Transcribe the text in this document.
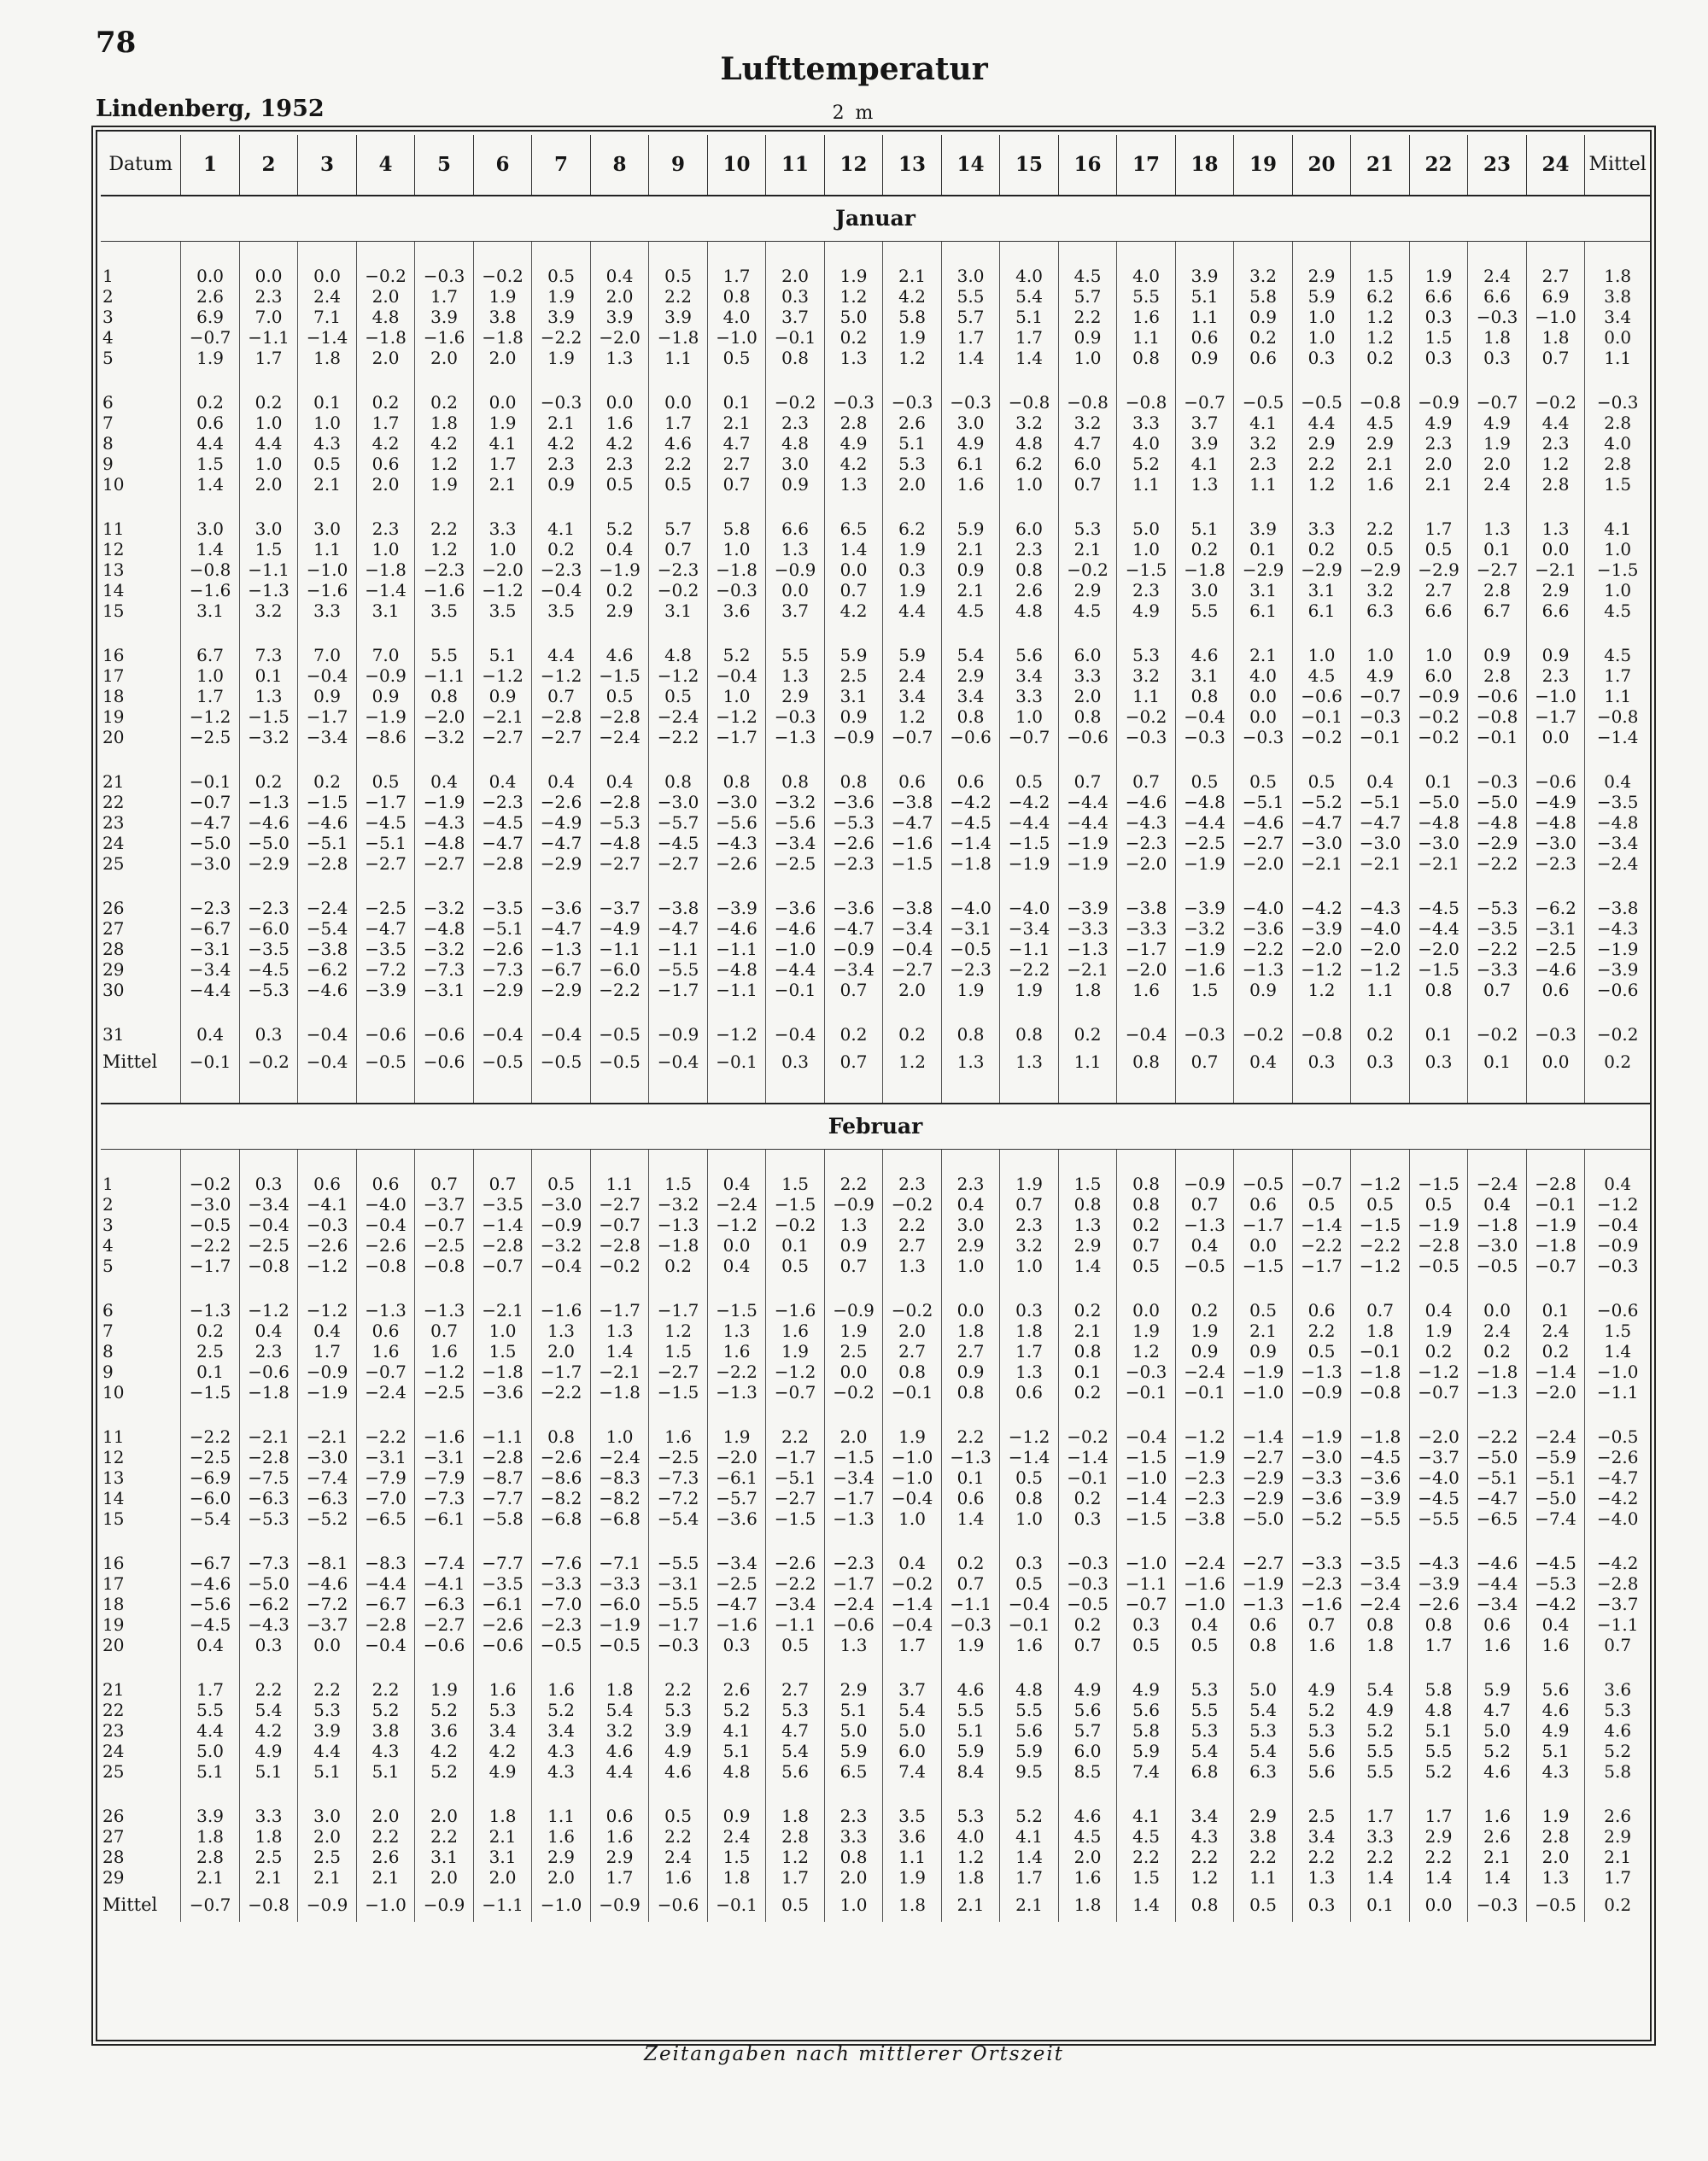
78
Lindenberg, 1952
Lufttemperatur
2 m
Datum	1	2	3	4	5	6	7	8	9	10	11	12	13	14	15	16	17	18	19	20	21	22	23	24	Mittel
Januar																									

1	0.0	0.0	0.0	−0.2	−0.3	−0.2	0.5	0.4	0.5	1.7	2.0	1.9	2.1	3.0	4.0	4.5	4.0	3.9	3.2	2.9	1.5	1.9	2.4	2.7	1.8
2	2.6	2.3	2.4	2.0	1.7	1.9	1.9	2.0	2.2	0.8	0.3	1.2	4.2	5.5	5.4	5.7	5.5	5.1	5.8	5.9	6.2	6.6	6.6	6.9	3.8
3	6.9	7.0	7.1	4.8	3.9	3.8	3.9	3.9	3.9	4.0	3.7	5.0	5.8	5.7	5.1	2.2	1.6	1.1	0.9	1.0	1.2	0.3	−0.3	−1.0	3.4
4	−0.7	−1.1	−1.4	−1.8	−1.6	−1.8	−2.2	−2.0	−1.8	−1.0	−0.1	0.2	1.9	1.7	1.7	0.9	1.1	0.6	0.2	1.0	1.2	1.5	1.8	1.8	0.0
5	1.9	1.7	1.8	2.0	2.0	2.0	1.9	1.3	1.1	0.5	0.8	1.3	1.2	1.4	1.4	1.0	0.8	0.9	0.6	0.3	0.2	0.3	0.3	0.7	1.1

6	0.2	0.2	0.1	0.2	0.2	0.0	−0.3	0.0	0.0	0.1	−0.2	−0.3	−0.3	−0.3	−0.8	−0.8	−0.8	−0.7	−0.5	−0.5	−0.8	−0.9	−0.7	−0.2	−0.3
7	0.6	1.0	1.0	1.7	1.8	1.9	2.1	1.6	1.7	2.1	2.3	2.8	2.6	3.0	3.2	3.2	3.3	3.7	4.1	4.4	4.5	4.9	4.9	4.4	2.8
8	4.4	4.4	4.3	4.2	4.2	4.1	4.2	4.2	4.6	4.7	4.8	4.9	5.1	4.9	4.8	4.7	4.0	3.9	3.2	2.9	2.9	2.3	1.9	2.3	4.0
9	1.5	1.0	0.5	0.6	1.2	1.7	2.3	2.3	2.2	2.7	3.0	4.2	5.3	6.1	6.2	6.0	5.2	4.1	2.3	2.2	2.1	2.0	2.0	1.2	2.8
10	1.4	2.0	2.1	2.0	1.9	2.1	0.9	0.5	0.5	0.7	0.9	1.3	2.0	1.6	1.0	0.7	1.1	1.3	1.1	1.2	1.6	2.1	2.4	2.8	1.5

11	3.0	3.0	3.0	2.3	2.2	3.3	4.1	5.2	5.7	5.8	6.6	6.5	6.2	5.9	6.0	5.3	5.0	5.1	3.9	3.3	2.2	1.7	1.3	1.3	4.1
12	1.4	1.5	1.1	1.0	1.2	1.0	0.2	0.4	0.7	1.0	1.3	1.4	1.9	2.1	2.3	2.1	1.0	0.2	0.1	0.2	0.5	0.5	0.1	0.0	1.0
13	−0.8	−1.1	−1.0	−1.8	−2.3	−2.0	−2.3	−1.9	−2.3	−1.8	−0.9	0.0	0.3	0.9	0.8	−0.2	−1.5	−1.8	−2.9	−2.9	−2.9	−2.9	−2.7	−2.1	−1.5
14	−1.6	−1.3	−1.6	−1.4	−1.6	−1.2	−0.4	0.2	−0.2	−0.3	0.0	0.7	1.9	2.1	2.6	2.9	2.3	3.0	3.1	3.1	3.2	2.7	2.8	2.9	1.0
15	3.1	3.2	3.3	3.1	3.5	3.5	3.5	2.9	3.1	3.6	3.7	4.2	4.4	4.5	4.8	4.5	4.9	5.5	6.1	6.1	6.3	6.6	6.7	6.6	4.5

16	6.7	7.3	7.0	7.0	5.5	5.1	4.4	4.6	4.8	5.2	5.5	5.9	5.9	5.4	5.6	6.0	5.3	4.6	2.1	1.0	1.0	1.0	0.9	0.9	4.5
17	1.0	0.1	−0.4	−0.9	−1.1	−1.2	−1.2	−1.5	−1.2	−0.4	1.3	2.5	2.4	2.9	3.4	3.3	3.2	3.1	4.0	4.5	4.9	6.0	2.8	2.3	1.7
18	1.7	1.3	0.9	0.9	0.8	0.9	0.7	0.5	0.5	1.0	2.9	3.1	3.4	3.4	3.3	2.0	1.1	0.8	0.0	−0.6	−0.7	−0.9	−0.6	−1.0	1.1
19	−1.2	−1.5	−1.7	−1.9	−2.0	−2.1	−2.8	−2.8	−2.4	−1.2	−0.3	0.9	1.2	0.8	1.0	0.8	−0.2	−0.4	0.0	−0.1	−0.3	−0.2	−0.8	−1.7	−0.8
20	−2.5	−3.2	−3.4	−8.6	−3.2	−2.7	−2.7	−2.4	−2.2	−1.7	−1.3	−0.9	−0.7	−0.6	−0.7	−0.6	−0.3	−0.3	−0.3	−0.2	−0.1	−0.2	−0.1	0.0	−1.4

21	−0.1	0.2	0.2	0.5	0.4	0.4	0.4	0.4	0.8	0.8	0.8	0.8	0.6	0.6	0.5	0.7	0.7	0.5	0.5	0.5	0.4	0.1	−0.3	−0.6	0.4
22	−0.7	−1.3	−1.5	−1.7	−1.9	−2.3	−2.6	−2.8	−3.0	−3.0	−3.2	−3.6	−3.8	−4.2	−4.2	−4.4	−4.6	−4.8	−5.1	−5.2	−5.1	−5.0	−5.0	−4.9	−3.5
23	−4.7	−4.6	−4.6	−4.5	−4.3	−4.5	−4.9	−5.3	−5.7	−5.6	−5.6	−5.3	−4.7	−4.5	−4.4	−4.4	−4.3	−4.4	−4.6	−4.7	−4.7	−4.8	−4.8	−4.8	−4.8
24	−5.0	−5.0	−5.1	−5.1	−4.8	−4.7	−4.7	−4.8	−4.5	−4.3	−3.4	−2.6	−1.6	−1.4	−1.5	−1.9	−2.3	−2.5	−2.7	−3.0	−3.0	−3.0	−2.9	−3.0	−3.4
25	−3.0	−2.9	−2.8	−2.7	−2.7	−2.8	−2.9	−2.7	−2.7	−2.6	−2.5	−2.3	−1.5	−1.8	−1.9	−1.9	−2.0	−1.9	−2.0	−2.1	−2.1	−2.1	−2.2	−2.3	−2.4

26	−2.3	−2.3	−2.4	−2.5	−3.2	−3.5	−3.6	−3.7	−3.8	−3.9	−3.6	−3.6	−3.8	−4.0	−4.0	−3.9	−3.8	−3.9	−4.0	−4.2	−4.3	−4.5	−5.3	−6.2	−3.8
27	−6.7	−6.0	−5.4	−4.7	−4.8	−5.1	−4.7	−4.9	−4.7	−4.6	−4.6	−4.7	−3.4	−3.1	−3.4	−3.3	−3.3	−3.2	−3.6	−3.9	−4.0	−4.4	−3.5	−3.1	−4.3
28	−3.1	−3.5	−3.8	−3.5	−3.2	−2.6	−1.3	−1.1	−1.1	−1.1	−1.0	−0.9	−0.4	−0.5	−1.1	−1.3	−1.7	−1.9	−2.2	−2.0	−2.0	−2.0	−2.2	−2.5	−1.9
29	−3.4	−4.5	−6.2	−7.2	−7.3	−7.3	−6.7	−6.0	−5.5	−4.8	−4.4	−3.4	−2.7	−2.3	−2.2	−2.1	−2.0	−1.6	−1.3	−1.2	−1.2	−1.5	−3.3	−4.6	−3.9
30	−4.4	−5.3	−4.6	−3.9	−3.1	−2.9	−2.9	−2.2	−1.7	−1.1	−0.1	0.7	2.0	1.9	1.9	1.8	1.6	1.5	0.9	1.2	1.1	0.8	0.7	0.6	−0.6

31	0.4	0.3	−0.4	−0.6	−0.6	−0.4	−0.4	−0.5	−0.9	−1.2	−0.4	0.2	0.2	0.8	0.8	0.2	−0.4	−0.3	−0.2	−0.8	0.2	0.1	−0.2	−0.3	−0.2
Mittel	−0.1	−0.2	−0.4	−0.5	−0.6	−0.5	−0.5	−0.5	−0.4	−0.1	0.3	0.7	1.2	1.3	1.3	1.1	0.8	0.7	0.4	0.3	0.3	0.3	0.1	0.0	0.2

Februar																									

1	−0.2	0.3	0.6	0.6	0.7	0.7	0.5	1.1	1.5	0.4	1.5	2.2	2.3	2.3	1.9	1.5	0.8	−0.9	−0.5	−0.7	−1.2	−1.5	−2.4	−2.8	0.4
2	−3.0	−3.4	−4.1	−4.0	−3.7	−3.5	−3.0	−2.7	−3.2	−2.4	−1.5	−0.9	−0.2	0.4	0.7	0.8	0.8	0.7	0.6	0.5	0.5	0.5	0.4	−0.1	−1.2
3	−0.5	−0.4	−0.3	−0.4	−0.7	−1.4	−0.9	−0.7	−1.3	−1.2	−0.2	1.3	2.2	3.0	2.3	1.3	0.2	−1.3	−1.7	−1.4	−1.5	−1.9	−1.8	−1.9	−0.4
4	−2.2	−2.5	−2.6	−2.6	−2.5	−2.8	−3.2	−2.8	−1.8	0.0	0.1	0.9	2.7	2.9	3.2	2.9	0.7	0.4	0.0	−2.2	−2.2	−2.8	−3.0	−1.8	−0.9
5	−1.7	−0.8	−1.2	−0.8	−0.8	−0.7	−0.4	−0.2	0.2	0.4	0.5	0.7	1.3	1.0	1.0	1.4	0.5	−0.5	−1.5	−1.7	−1.2	−0.5	−0.5	−0.7	−0.3

6	−1.3	−1.2	−1.2	−1.3	−1.3	−2.1	−1.6	−1.7	−1.7	−1.5	−1.6	−0.9	−0.2	0.0	0.3	0.2	0.0	0.2	0.5	0.6	0.7	0.4	0.0	0.1	−0.6
7	0.2	0.4	0.4	0.6	0.7	1.0	1.3	1.3	1.2	1.3	1.6	1.9	2.0	1.8	1.8	2.1	1.9	1.9	2.1	2.2	1.8	1.9	2.4	2.4	1.5
8	2.5	2.3	1.7	1.6	1.6	1.5	2.0	1.4	1.5	1.6	1.9	2.5	2.7	2.7	1.7	0.8	1.2	0.9	0.9	0.5	−0.1	0.2	0.2	0.2	1.4
9	0.1	−0.6	−0.9	−0.7	−1.2	−1.8	−1.7	−2.1	−2.7	−2.2	−1.2	0.0	0.8	0.9	1.3	0.1	−0.3	−2.4	−1.9	−1.3	−1.8	−1.2	−1.8	−1.4	−1.0
10	−1.5	−1.8	−1.9	−2.4	−2.5	−3.6	−2.2	−1.8	−1.5	−1.3	−0.7	−0.2	−0.1	0.8	0.6	0.2	−0.1	−0.1	−1.0	−0.9	−0.8	−0.7	−1.3	−2.0	−1.1

11	−2.2	−2.1	−2.1	−2.2	−1.6	−1.1	0.8	1.0	1.6	1.9	2.2	2.0	1.9	2.2	−1.2	−0.2	−0.4	−1.2	−1.4	−1.9	−1.8	−2.0	−2.2	−2.4	−0.5
12	−2.5	−2.8	−3.0	−3.1	−3.1	−2.8	−2.6	−2.4	−2.5	−2.0	−1.7	−1.5	−1.0	−1.3	−1.4	−1.4	−1.5	−1.9	−2.7	−3.0	−4.5	−3.7	−5.0	−5.9	−2.6
13	−6.9	−7.5	−7.4	−7.9	−7.9	−8.7	−8.6	−8.3	−7.3	−6.1	−5.1	−3.4	−1.0	0.1	0.5	−0.1	−1.0	−2.3	−2.9	−3.3	−3.6	−4.0	−5.1	−5.1	−4.7
14	−6.0	−6.3	−6.3	−7.0	−7.3	−7.7	−8.2	−8.2	−7.2	−5.7	−2.7	−1.7	−0.4	0.6	0.8	0.2	−1.4	−2.3	−2.9	−3.6	−3.9	−4.5	−4.7	−5.0	−4.2
15	−5.4	−5.3	−5.2	−6.5	−6.1	−5.8	−6.8	−6.8	−5.4	−3.6	−1.5	−1.3	1.0	1.4	1.0	0.3	−1.5	−3.8	−5.0	−5.2	−5.5	−5.5	−6.5	−7.4	−4.0

16	−6.7	−7.3	−8.1	−8.3	−7.4	−7.7	−7.6	−7.1	−5.5	−3.4	−2.6	−2.3	0.4	0.2	0.3	−0.3	−1.0	−2.4	−2.7	−3.3	−3.5	−4.3	−4.6	−4.5	−4.2
17	−4.6	−5.0	−4.6	−4.4	−4.1	−3.5	−3.3	−3.3	−3.1	−2.5	−2.2	−1.7	−0.2	0.7	0.5	−0.3	−1.1	−1.6	−1.9	−2.3	−3.4	−3.9	−4.4	−5.3	−2.8
18	−5.6	−6.2	−7.2	−6.7	−6.3	−6.1	−7.0	−6.0	−5.5	−4.7	−3.4	−2.4	−1.4	−1.1	−0.4	−0.5	−0.7	−1.0	−1.3	−1.6	−2.4	−2.6	−3.4	−4.2	−3.7
19	−4.5	−4.3	−3.7	−2.8	−2.7	−2.6	−2.3	−1.9	−1.7	−1.6	−1.1	−0.6	−0.4	−0.3	−0.1	0.2	0.3	0.4	0.6	0.7	0.8	0.8	0.6	0.4	−1.1
20	0.4	0.3	0.0	−0.4	−0.6	−0.6	−0.5	−0.5	−0.3	0.3	0.5	1.3	1.7	1.9	1.6	0.7	0.5	0.5	0.8	1.6	1.8	1.7	1.6	1.6	0.7

21	1.7	2.2	2.2	2.2	1.9	1.6	1.6	1.8	2.2	2.6	2.7	2.9	3.7	4.6	4.8	4.9	4.9	5.3	5.0	4.9	5.4	5.8	5.9	5.6	3.6
22	5.5	5.4	5.3	5.2	5.2	5.3	5.2	5.4	5.3	5.2	5.3	5.1	5.4	5.5	5.5	5.6	5.6	5.5	5.4	5.2	4.9	4.8	4.7	4.6	5.3
23	4.4	4.2	3.9	3.8	3.6	3.4	3.4	3.2	3.9	4.1	4.7	5.0	5.0	5.1	5.6	5.7	5.8	5.3	5.3	5.3	5.2	5.1	5.0	4.9	4.6
24	5.0	4.9	4.4	4.3	4.2	4.2	4.3	4.6	4.9	5.1	5.4	5.9	6.0	5.9	5.9	6.0	5.9	5.4	5.4	5.6	5.5	5.5	5.2	5.1	5.2
25	5.1	5.1	5.1	5.1	5.2	4.9	4.3	4.4	4.6	4.8	5.6	6.5	7.4	8.4	9.5	8.5	7.4	6.8	6.3	5.6	5.5	5.2	4.6	4.3	5.8

26	3.9	3.3	3.0	2.0	2.0	1.8	1.1	0.6	0.5	0.9	1.8	2.3	3.5	5.3	5.2	4.6	4.1	3.4	2.9	2.5	1.7	1.7	1.6	1.9	2.6
27	1.8	1.8	2.0	2.2	2.2	2.1	1.6	1.6	2.2	2.4	2.8	3.3	3.6	4.0	4.1	4.5	4.5	4.3	3.8	3.4	3.3	2.9	2.6	2.8	2.9
28	2.8	2.5	2.5	2.6	3.1	3.1	2.9	2.9	2.4	1.5	1.2	0.8	1.1	1.2	1.4	2.0	2.2	2.2	2.2	2.2	2.2	2.2	2.1	2.0	2.1
29	2.1	2.1	2.1	2.1	2.0	2.0	2.0	1.7	1.6	1.8	1.7	2.0	1.9	1.8	1.7	1.6	1.5	1.2	1.1	1.3	1.4	1.4	1.4	1.3	1.7
Mittel	−0.7	−0.8	−0.9	−1.0	−0.9	−1.1	−1.0	−0.9	−0.6	−0.1	0.5	1.0	1.8	2.1	2.1	1.8	1.4	0.8	0.5	0.3	0.1	0.0	−0.3	−0.5	0.2
Zeitangaben nach mittlerer Ortszeit
